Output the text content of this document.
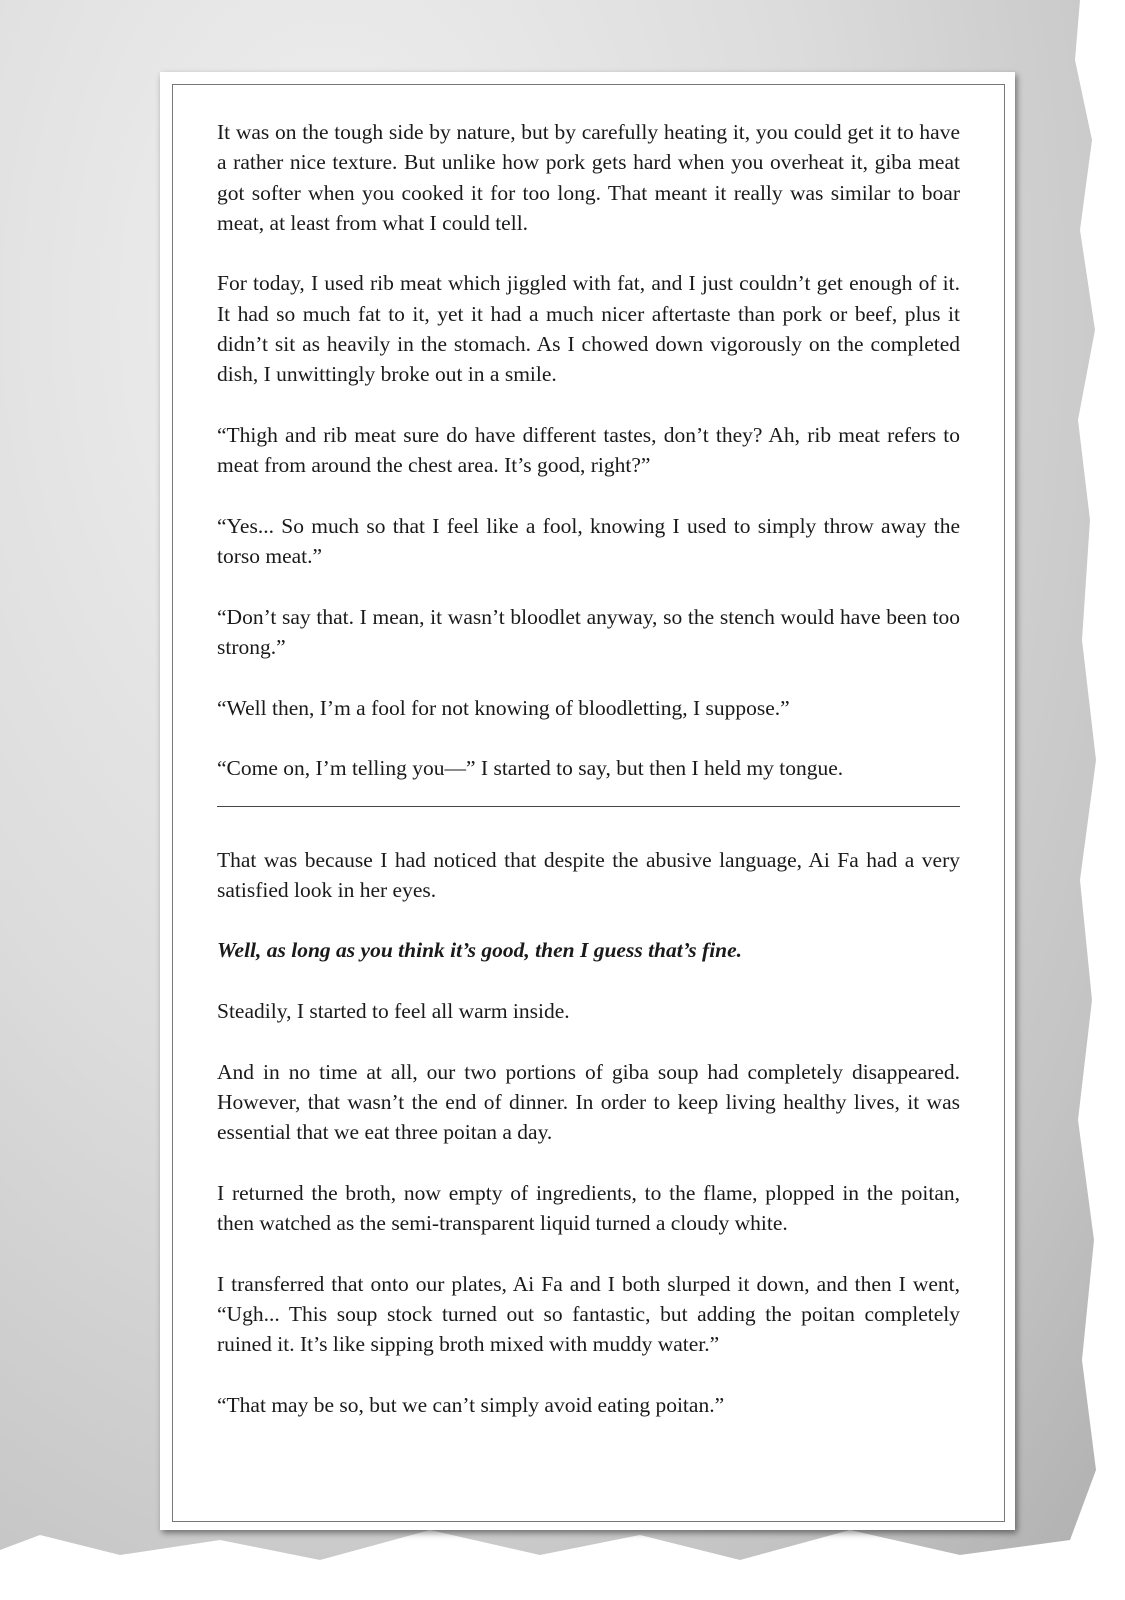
It was on the tough side by nature, but by carefully heating it, you could get it to have a rather nice texture. But unlike how pork gets hard when you overheat it, giba meat got softer when you cooked it for too long. That meant it really was similar to boar meat, at least from what I could tell.

For today, I used rib meat which jiggled with fat, and I just couldn’t get enough of it. It had so much fat to it, yet it had a much nicer aftertaste than pork or beef, plus it didn’t sit as heavily in the stomach. As I chowed down vigorously on the completed dish, I unwittingly broke out in a smile.

“Thigh and rib meat sure do have different tastes, don’t they? Ah, rib meat refers to meat from around the chest area. It’s good, right?”

“Yes... So much so that I feel like a fool, knowing I used to simply throw away the torso meat.”

“Don’t say that. I mean, it wasn’t bloodlet anyway, so the stench would have been too strong.”

“Well then, I’m a fool for not knowing of bloodletting, I suppose.”

“Come on, I’m telling you—” I started to say, but then I held my tongue.

That was because I had noticed that despite the abusive language, Ai Fa had a very satisfied look in her eyes.

Well, as long as you think it’s good, then I guess that’s fine.

Steadily, I started to feel all warm inside.

And in no time at all, our two portions of giba soup had completely disappeared. However, that wasn’t the end of dinner. In order to keep living healthy lives, it was essential that we eat three poitan a day.

I returned the broth, now empty of ingredients, to the flame, plopped in the poitan, then watched as the semi-transparent liquid turned a cloudy white.

I transferred that onto our plates, Ai Fa and I both slurped it down, and then I went, “Ugh... This soup stock turned out so fantastic, but adding the poitan completely ruined it. It’s like sipping broth mixed with muddy water.”

“That may be so, but we can’t simply avoid eating poitan.”
